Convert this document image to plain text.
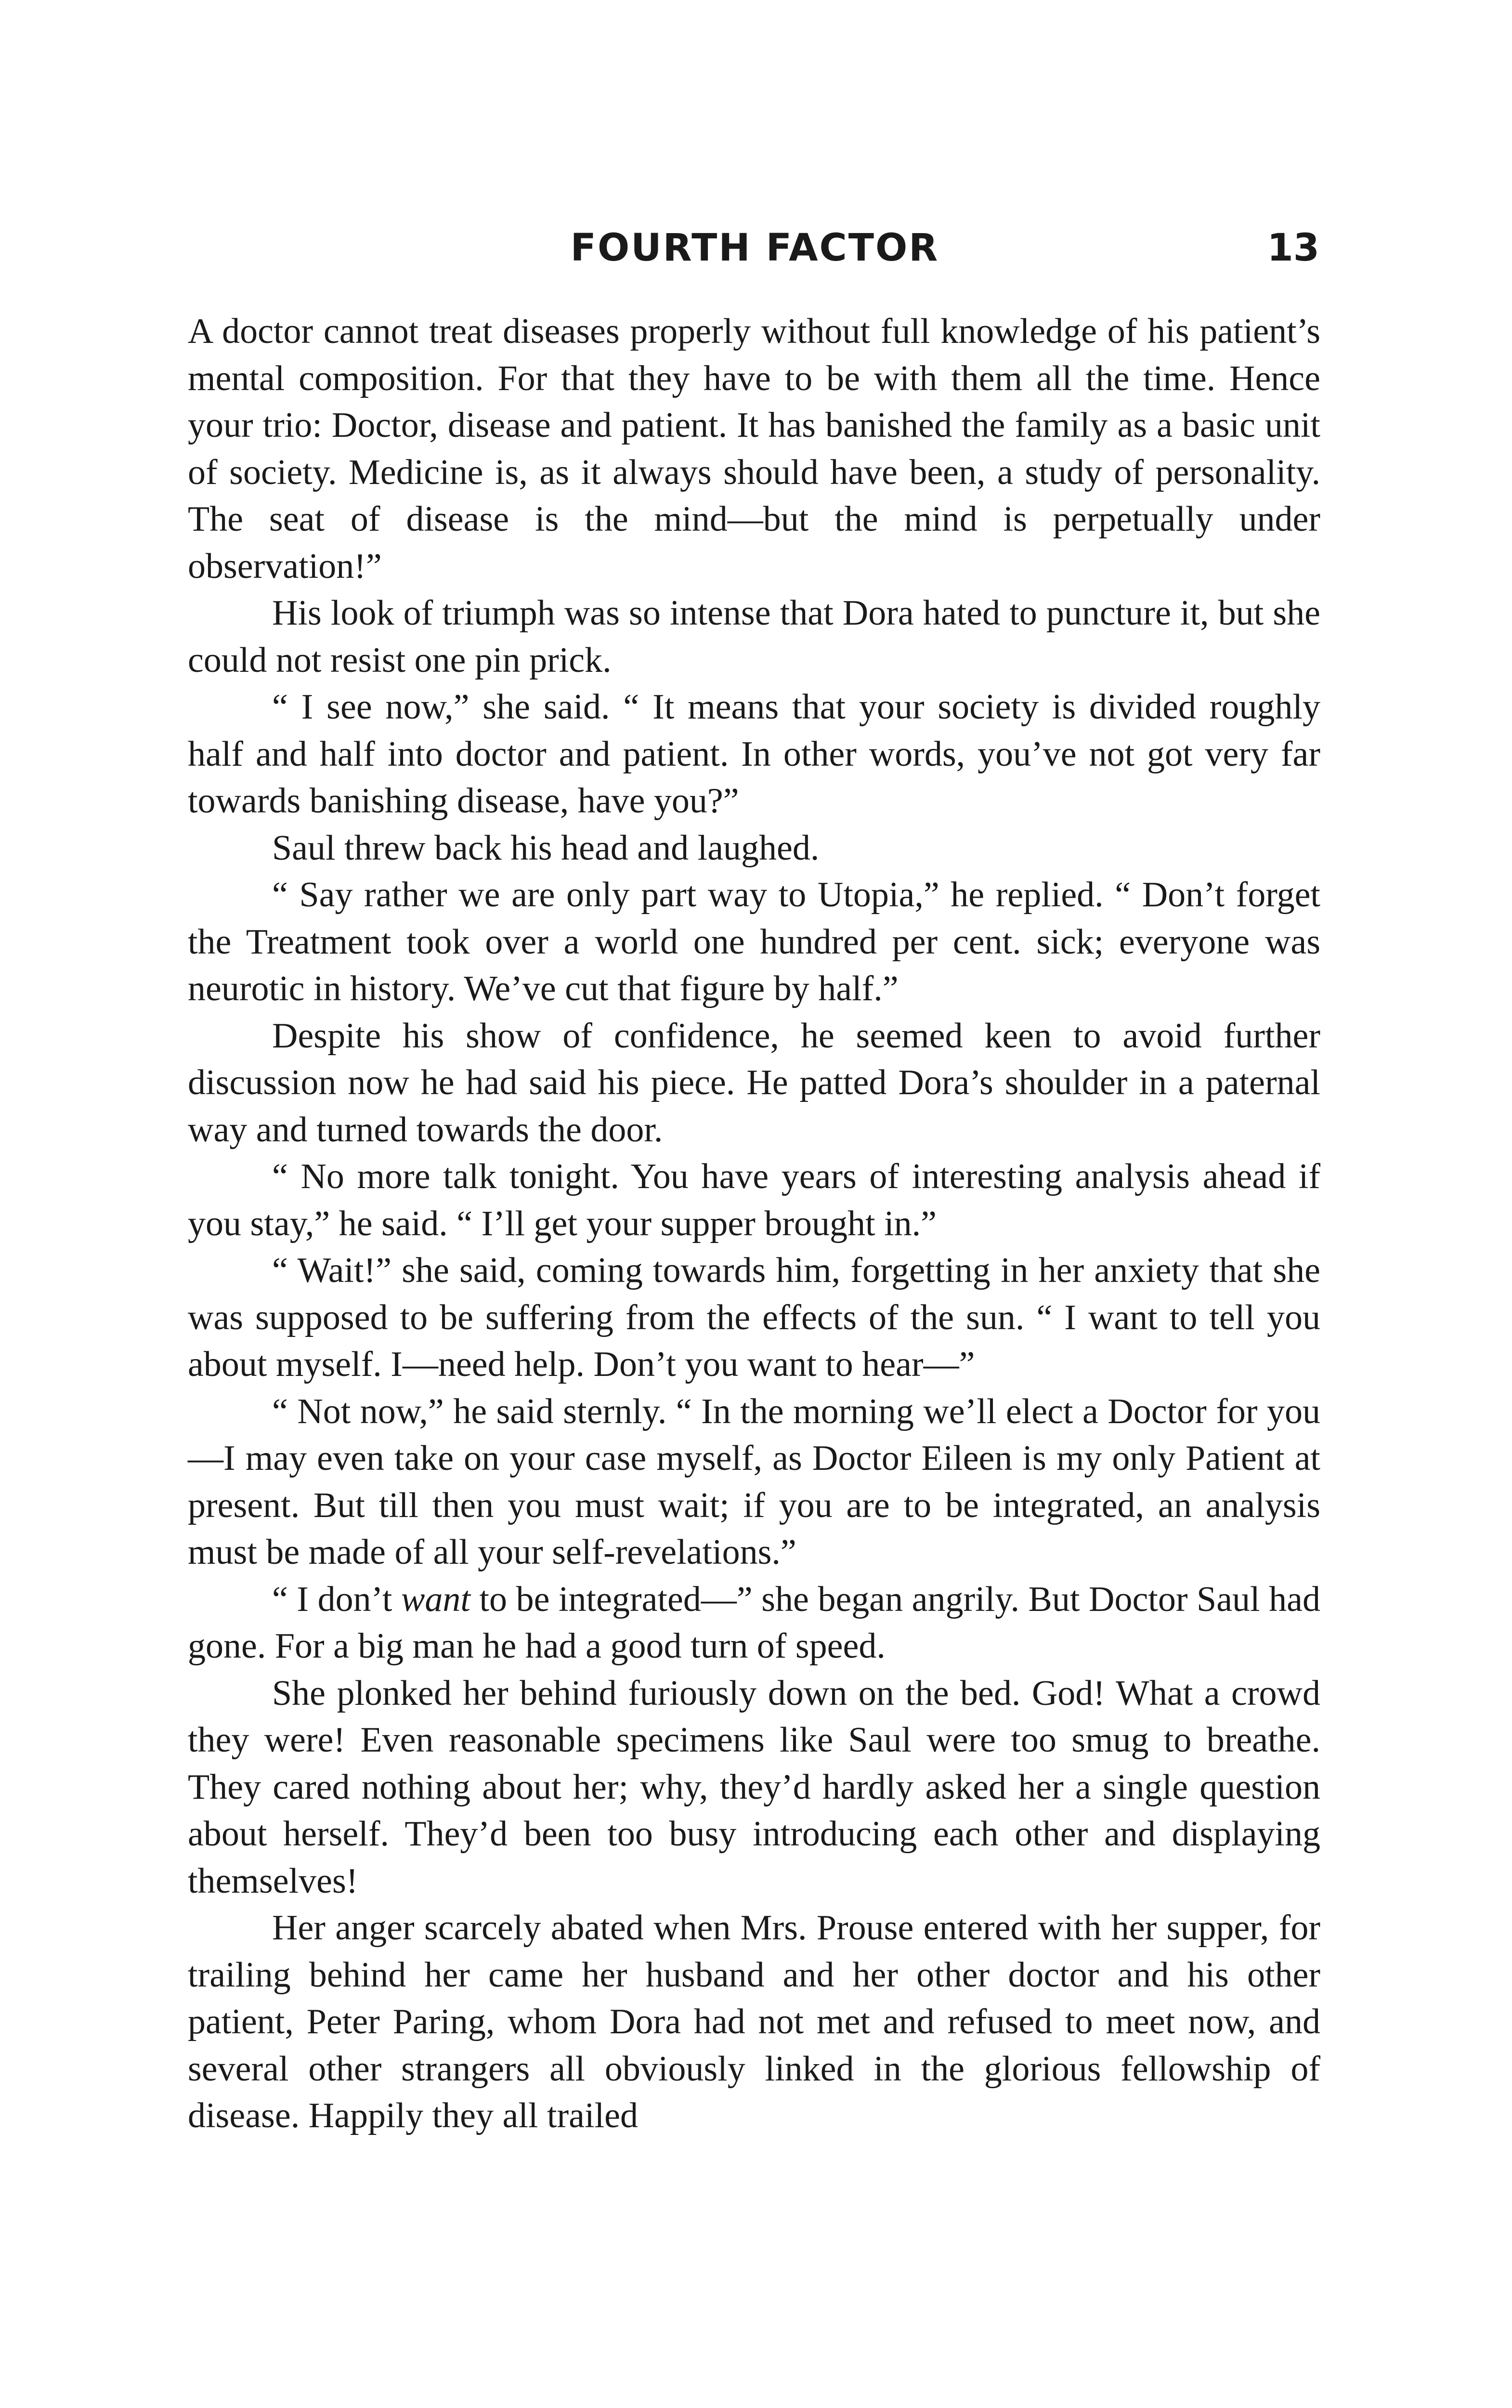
FOURTH FACTOR	13

A doctor cannot treat diseases properly without full knowledge of his patient’s mental composition. For that they have to be with them all the time. Hence your trio: Doctor, disease and patient. It has banished the family as a basic unit of society. Medicine is, as it always should have been, a study of personality. The seat of disease is the mind—but the mind is perpetually under observation!”

His look of triumph was so intense that Dora hated to puncture it, but she could not resist one pin prick.

“ I see now,” she said. “ It means that your society is divided roughly half and half into doctor and patient. In other words, you’ve not got very far towards banishing disease, have you?”

Saul threw back his head and laughed.

“ Say rather we are only part way to Utopia,” he replied. “ Don’t forget the Treatment took over a world one hundred per cent. sick; everyone was neurotic in history. We’ve cut that figure by half.”

Despite his show of confidence, he seemed keen to avoid further discussion now he had said his piece. He patted Dora’s shoulder in a paternal way and turned towards the door.

“ No more talk tonight. You have years of interesting analysis ahead if you stay,” he said. “ I’ll get your supper brought in.”

“ Wait!” she said, coming towards him, forgetting in her anxiety that she was supposed to be suffering from the effects of the sun. “ I want to tell you about myself. I—need help. Don’t you want to hear—”

“ Not now,” he said sternly. “ In the morning we’ll elect a Doctor for you—I may even take on your case myself, as Doctor Eileen is my only Patient at present. But till then you must wait; if you are to be integrated, an analysis must be made of all your self-revelations.”

“ I don’t want to be integrated—” she began angrily. But Doctor Saul had gone. For a big man he had a good turn of speed.

She plonked her behind furiously down on the bed. God! What a crowd they were! Even reasonable specimens like Saul were too smug to breathe. They cared nothing about her; why, they’d hardly asked her a single question about herself. They’d been too busy introducing each other and displaying themselves!

Her anger scarcely abated when Mrs. Prouse entered with her supper, for trailing behind her came her husband and her other doctor and his other patient, Peter Paring, whom Dora had not met and refused to meet now, and several other strangers all obviously linked in the glorious fellowship of disease. Happily they all trailed
